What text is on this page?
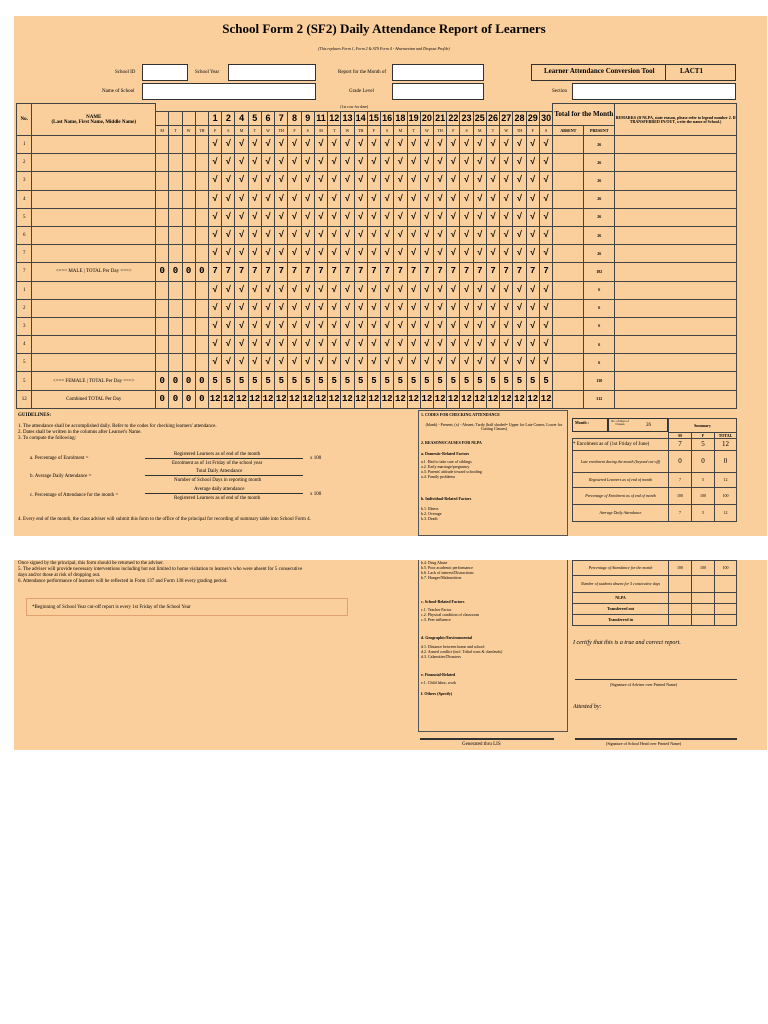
School Form 2 (SF2) Daily Attendance Report of Learners
(This replaces Form 1, Form 2 & STS Form 4 - Absenteeism and Dropout Profile)
School ID	School Year	Report for the Month of	Learner Attendance Conversion Tool	LACT1
Name of School	Grade Level	Section
No.	NAME
(Last Name, First Name, Middle Name)	(1st row for date)																														Total for the Month		REMARKS (If NLPA, state reason, please refer to legend number 2. If TRANSFERRED IN/OUT, write the name of School.)
						1	2	4	5	6	7	8	9	11	12	13	14	15	16	18	19	20	21	22	23	25	26	27	28	29	30			
		M	T	W	TH	F	S	M	T	W	TH	F	S	M	T	W	TH	F	S	M	T	W	TH	F	S	M	T	W	TH	F	S	ABSENT	PRESENT	
1						√	√	√	√	√	√	√	√	√	√	√	√	√	√	√	√	√	√	√	√	√	√	√	√	√	√		26	
2						√	√	√	√	√	√	√	√	√	√	√	√	√	√	√	√	√	√	√	√	√	√	√	√	√	√		26	
3						√	√	√	√	√	√	√	√	√	√	√	√	√	√	√	√	√	√	√	√	√	√	√	√	√	√		26	
4						√	√	√	√	√	√	√	√	√	√	√	√	√	√	√	√	√	√	√	√	√	√	√	√	√	√		26	
5						√	√	√	√	√	√	√	√	√	√	√	√	√	√	√	√	√	√	√	√	√	√	√	√	√	√		26	
6						√	√	√	√	√	√	√	√	√	√	√	√	√	√	√	√	√	√	√	√	√	√	√	√	√	√		26	
7						√	√	√	√	√	√	√	√	√	√	√	√	√	√	√	√	√	√	√	√	√	√	√	√	√	√		26	
7	<=== MALE | TOTAL Per Day ===>	0	0	0	0	7	7	7	7	7	7	7	7	7	7	7	7	7	7	7	7	7	7	7	7	7	7	7	7	7	7		182	
1						√	√	√	√	√	√	√	√	√	√	√	√	√	√	√	√	√	√	√	√	√	√	√	√	√	√		6	
2						√	√	√	√	√	√	√	√	√	√	√	√	√	√	√	√	√	√	√	√	√	√	√	√	√	√		6	
3						√	√	√	√	√	√	√	√	√	√	√	√	√	√	√	√	√	√	√	√	√	√	√	√	√	√		6	
4						√	√	√	√	√	√	√	√	√	√	√	√	√	√	√	√	√	√	√	√	√	√	√	√	√	√		6	
5						√	√	√	√	√	√	√	√	√	√	√	√	√	√	√	√	√	√	√	√	√	√	√	√	√	√		6	
5	<=== FEMALE | TOTAL Per Day ===>	0	0	0	0	5	5	5	5	5	5	5	5	5	5	5	5	5	5	5	5	5	5	5	5	5	5	5	5	5	5		130	
12	Combined TOTAL Per Day	0	0	0	0	12	12	12	12	12	12	12	12	12	12	12	12	12	12	12	12	12	12	12	12	12	12	12	12	12	12		312	
GUIDELINES:
1. The attendance shall be accomplished daily. Refer to the codes for checking learners' attendance.
2. Dates shall be written in the columns after Learner's Name.
3. To compute the following:
a. Percentage of Enrolment =
Registered Learners as of end of the month
Enrolment as of 1st Friday of the school year
x 100
b. Average Daily Attendance =
Total Daily Attendance
Number of School Days in reporting month
c. Percentage of Attendance for the month =
Average daily attendance
Registered Learners as of end of the month
x 100
4. Every end of the month, the class adviser will submit this form to the office of the principal for recording of summary table into School Form 4.
1. CODES FOR CHECKING ATTENDANCE
(blank) - Present; (x) - Absent; Tardy (half shaded= Upper for Late Comer, Lower for Cutting Classes)
2. REASONS/CAUSES FOR NLPA
a. Domestic-Related Factors
a.1. Had to take care of siblings
a.2. Early marriage/pregnancy
a.3. Parents' attitude toward schooling
a.4. Family problems
b. Individual-Related Factors
b.1. Illness
b.2. Overage
b.3. Death
Month :	No. of Days of Classes	26
		Summary		
	M	F	TOTAL
* Enrolment as of (1st Friday of June)	7	5	12
Late enrolment during the month (beyond cut-off)	0	0	0
Registered Learners as of end of month	7	5	12
Percentage of Enrolment as of end of month	100	100	100
Average Daily Attendance	7	5	12
Once signed by the principal, this form should be returned to the adviser.
5. The adviser will provide necessary interventions including but not limited to home visitation to learner/s who were absent for 5 consecutive
days and/or those at risk of dropping out.
6. Attendance performance of learners will be reflected in Form 137 and Form 138 every grading period.
*Beginning of School Year cut-off report is every 1st Friday of the School Year
b.4. Drug Abuse
b.5. Poor academic performance
b.6. Lack of interest/Distractions
b.7. Hunger/Malnutrition
c. School-Related Factors
c.1. Teacher Factor
c.2. Physical condition of classroom
c.3. Peer influence
d. Geographic/Environmental
d.1. Distance between home and school
d.2. Armed conflict (incl. Tribal wars & clanfeuds)
d.3. Calamities/Disasters
e. Financial-Related
e.1. Child labor, work
f. Others (Specify)
Generated thru LIS
Percentage of Attendance for the month	100	100	100
Number of students absent for 5 consecutive days			
NLPA			
Transferred out			
Transferred in			
I certify that this is a true and correct report.
(Signature of Adviser over Printed Name)
Attested by:
(Signature of School Head over Printed Name)
